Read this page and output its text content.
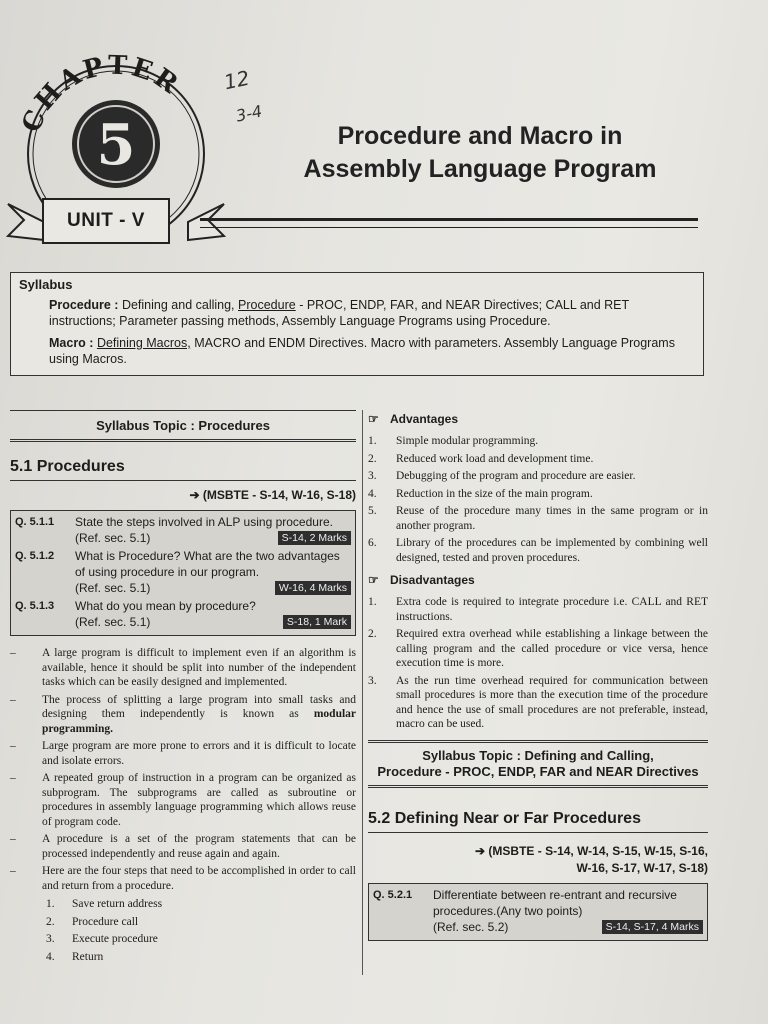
CHAPTER
5
UNIT - V
12
3-4
Procedure and Macro in
Assembly Language Program
Syllabus

Procedure : Defining and calling, Procedure - PROC, ENDP, FAR, and NEAR Directives; CALL and RET instructions; Parameter passing methods, Assembly Language Programs using Procedure.

Macro : Defining Macros, MACRO and ENDM Directives. Macro with parameters. Assembly Language Programs using Macros.

Syllabus Topic : Procedures
5.1 Procedures
➔ (MSBTE - S-14, W-16, S-18)
Q. 5.1.1	State the steps involved in ALP using procedure.
(Ref. sec. 5.1)	S-14, 2 Marks
Q. 5.1.2	What is Procedure? What are the two advantages of using procedure in our program.
(Ref. sec. 5.1)	W-16, 4 Marks
Q. 5.1.3	What do you mean by procedure?
(Ref. sec. 5.1)	S-18, 1 Mark
–	A large program is difficult to implement even if an algorithm is available, hence it should be split into number of the independent tasks which can be easily designed and implemented.
–	The process of splitting a large program into small tasks and designing them independently is known as modular programming.
–	Large program are more prone to errors and it is difficult to locate and isolate errors.
–	A repeated group of instruction in a program can be organized as subprogram. The subprograms are called as subroutine or procedures in assembly language programming which allows reuse of program code.
–	A procedure is a set of the program statements that can be processed independently and reuse again and again.
–	Here are the four steps that need to be accomplished in order to call and return from a procedure.
1.	Save return address
2.	Procedure call
3.	Execute procedure
4.	Return
☞ Advantages
1.	Simple modular programming.
2.	Reduced work load and development time.
3.	Debugging of the program and procedure are easier.
4.	Reduction in the size of the main program.
5.	Reuse of the procedure many times in the same program or in another program.
6.	Library of the procedures can be implemented by combining well designed, tested and proven procedures.
☞ Disadvantages
1.	Extra code is required to integrate procedure i.e. CALL and RET instructions.
2.	Required extra overhead while establishing a linkage between the calling program and the called procedure or vice versa, hence execution time is more.
3.	As the run time overhead required for communication between small procedures is more than the execution time of the procedure and hence the use of small procedures are not preferable, instead, macro can be used.
Syllabus Topic : Defining and Calling,
Procedure - PROC, ENDP, FAR and NEAR Directives
5.2 Defining Near or Far Procedures
➔ (MSBTE - S-14, W-14, S-15, W-15, S-16,
W-16, S-17, W-17, S-18)
Q. 5.2.1	Differentiate between re-entrant and recursive procedures.(Any two points)
(Ref. sec. 5.2)	S-14, S-17, 4 Marks
